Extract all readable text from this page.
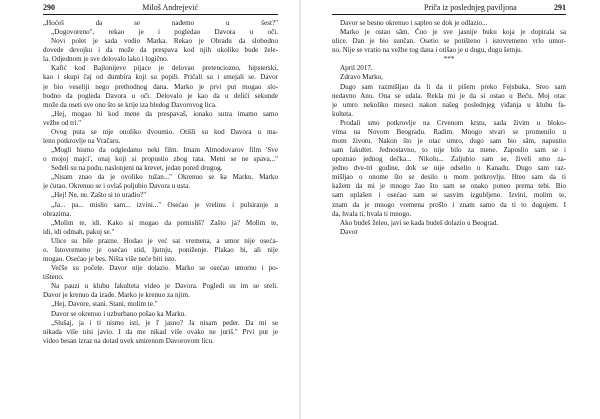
290	Miloš Andrejević
„Hoćeš da se nađemo u šest?"
„Dogovoreno", rekao je i pogledao Davora u oči.
Novi polet je sada vodio Marka. Rekao je Obradu da slobodno
dovede devojku i da može da prespava kod njih ukoliko bude žele-
la. Odjednom je sve delovalo lako i logično.
Kafić kod Bajlonijeve pijace je delovao pretenciozno, hipsterski,
kao i skupi čaj od đumbira koji su popili. Pričali su i smejali se. Davor
je bio veseliji nego prethodnog dana. Marko je prvi put mogao slo-
bodno da pogleda Davora u oči. Delovalo je kao da u delići sekunde
može da oseti sve ono što se krije iza bledog Davorovog lica.
„Hej, mogao bi kod mene da prespavaš, ionako sutra imamo samo
vežbe od tri."
Ovog puta se nije onoliko dvoumio. Otišli su kod Davora u ma-
leno potkrovlje na Vračaru.
„Mogli bismo da odgledamo neki film. Imam Almodovarov film 'Sve
o mojoj majci', onaj koji si propustio zbog rata. Meni se ne spava..."
Seđeli su na podu, naslonjeni na krevet, jedan pored drugog.
„Nisam znao da je ovoliko tužan..." Okrenuo se ka Marku. Marko
je ćutao. Okrenuo se i ovlaš poljubio Davora u usta.
„Hej! Ne, ne. Zašto si to uradio?"
„Ja... pa... mislio sam... izvini..." Osećao je vrelinu i pulsiranje u
obrazima.
„Molim te, idi. Kako si mogao da pomisliš? Zašto ja? Molim te,
idi, idi odmah, pakuj se."
Ulice su bile prazne. Hodao je već sat vremena, a umor nije oseća-
o. Istovremeno je osećao stid, ljutnju, poniženje. Plakao bi, ali nije
mogao. Osećao je bes. Ništa više neće biti isto.
Večše su počele. Davor nije dolazio. Marko se osećao umorno i po-
tišteno.
Na pauzi u klubu fakulteta video je Davora. Pogledi su im se sreli.
Davor je krenuo da izađe. Marko je krenuo za njim.
„Hej, Davore, stani. Stani, molim te."
Davor se okrenuo i uzburbano pošao ka Marku.
„Slušaj, ja i ti nismo isti, je l' jasno? Ja nisam peder. Da mi se
nikada više nisi javio. I da me nikad više ovako ne juriš." Prvi put je
video besan izraz na dotad uvek smirenom Davorovom licu.
Priča iz poslednjeg paviljona	291
Davor se besno okrenuo i sapleo se dok je odlazio...
Marko je ostao sâm. Čuo je sve jasnije buku koja je dopirala sa
ulice. Dan je bio sunčan. Osetio se potištenо i istovremeno vrlo umor-
no. Nije se vratio na vežbe tog dana i otišao je u dugu, dugu šetnju.
***
April 2017.
Zdravo Marko,
Dugo sam razmišljao da li da ti pišem preko Fejsbuka. Sreo sam
nedavno Anu. Ona se udala. Rekla mi je da si ostao u Beču. Moj otac
je umro nekoliko meseci nakon našeg poslednjeg viđanja u klubu fa-
kulteta.
Prodali smo potkrovlje na Crvenom krstu, sada živim u bloko-
vima na Novom Beogradu. Radim. Mnogo stvari se promenilo u
mom životu. Nakon što je otac umro, dugo sam bio sâm, napustio
sam fakultet. Jednostavno, to nije bilo za mene. Zaposlio sam se i
upoznao jednog dečka... Nikolu... Zaljubio sam se, živeli smo za-
jedno dve-tri godine, dok se nije odselio u Kanadu. Dugo sam raz-
mišljao o onome što se desilo u mom potkrovlju. Hteo sam da ti
kažem da mi je mnogo žao što sam se onako ponео prema tebi. Bio
sam uplašen i osećao sam se sasvim izgubljeno. Izvini, molim te,
znam da je mnogo vremena prošlo i znam samo da ti to dugujem. I
da, hvala ti, hvala ti mnogo.
Ako budeš želeo, javi se kada budeš dolazio u Beograd.
Davor
